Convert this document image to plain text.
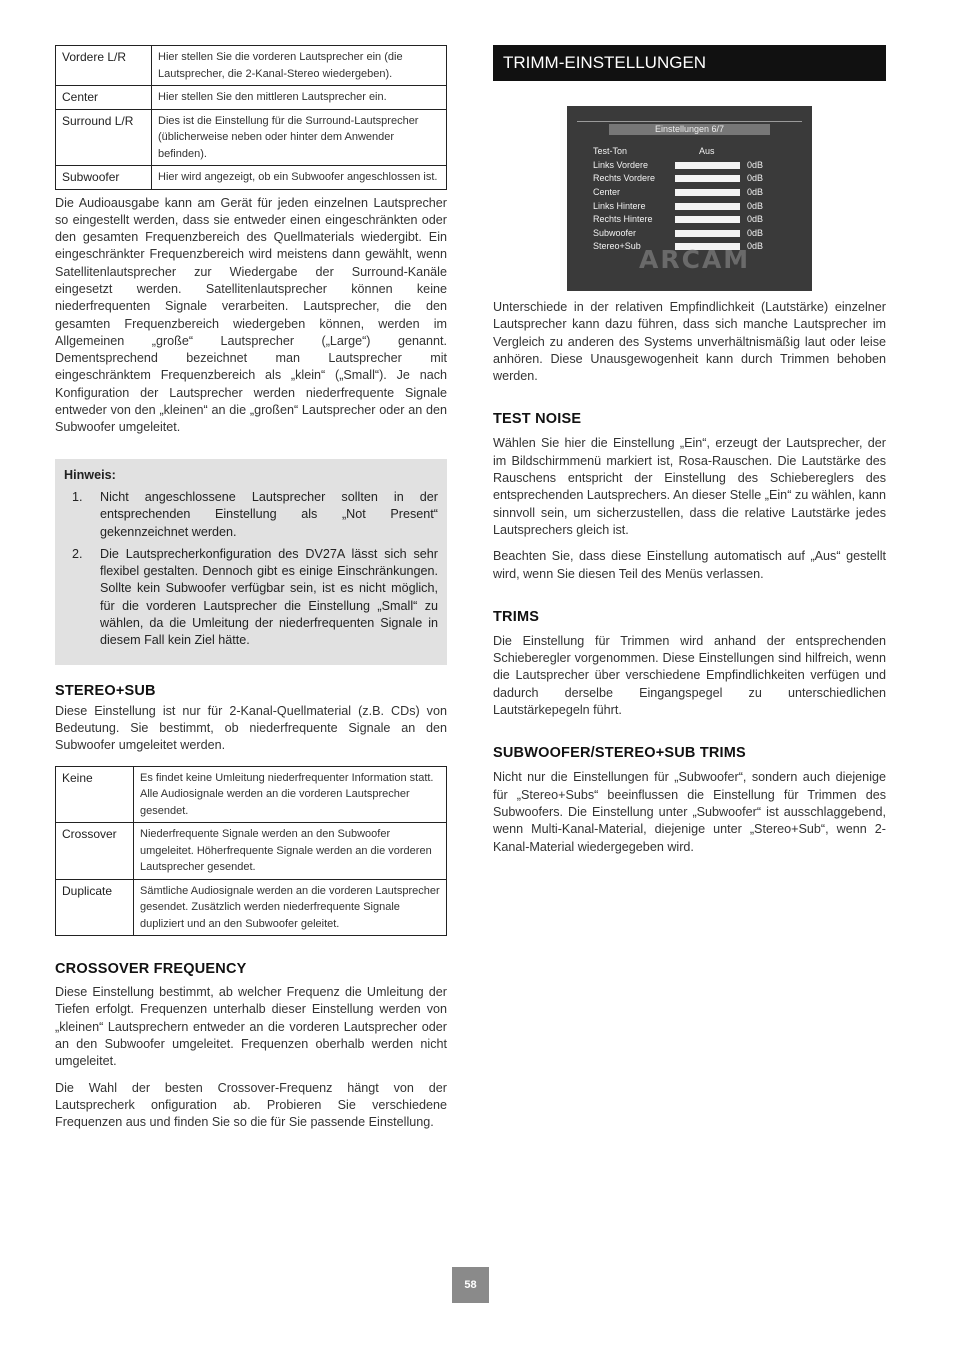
Vordere L/R	Hier stellen Sie die vorderen Lautsprecher ein (die Lautsprecher, die 2-Kanal-Stereo wiedergeben).
Center	Hier stellen Sie den mittleren Lautsprecher ein.
Surround L/R	Dies ist die Einstellung für die Surround-Lautsprecher (üblicherweise neben oder hinter dem Anwender befinden).
Subwoofer	Hier wird angezeigt, ob ein Subwoofer angeschlossen ist.

Die Audioausgabe kann am Gerät für jeden einzelnen Lautsprecher so eingestellt werden, dass sie entweder einen eingeschränkten oder den gesamten Frequenzbereich des Quellmaterials wiedergibt. Ein eingeschränkter Frequenzbereich wird meistens dann gewählt, wenn Satellitenlautsprecher zur Wiedergabe der Surround-Kanäle eingesetzt werden. Satellitenlautsprecher können keine niederfrequenten Signale verarbeiten. Lautsprecher, die den gesamten Frequenzbereich wiedergeben können, werden im Allgemeinen „große“ Lautsprecher („Large“) genannt. Dementsprechend bezeichnet man Lautsprecher mit eingeschränktem Frequenzbereich als „klein“ („Small“). Je nach Konfiguration der Lautsprecher werden niederfrequente Signale entweder von den „kleinen“ an die „großen“ Lautsprecher oder an den Subwoofer umgeleitet.

Hinweis:
1.	Nicht angeschlossene Lautsprecher sollten in der entsprechenden Einstellung als „Not Present“ gekennzeichnet werden.
2.	Die Lautsprecherkonfiguration des DV27A lässt sich sehr flexibel gestalten. Dennoch gibt es einige Einschränkungen. Sollte kein Subwoofer verfügbar sein, ist es nicht möglich, für die vorderen Lautsprecher die Einstellung „Small“ zu wählen, da die Umleitung der niederfrequenten Signale in diesem Fall kein Ziel hätte.
STEREO+SUB

Diese Einstellung ist nur für 2-Kanal-Quellmaterial (z.B. CDs) von Bedeutung. Sie bestimmt, ob niederfrequente Signale an den Subwoofer umgeleitet werden.

Keine	Es findet keine Umleitung niederfrequenter Information statt. Alle Audiosignale werden an die vorderen Lautsprecher gesendet.
Crossover	Niederfrequente Signale werden an den Subwoofer umgeleitet. Höherfrequente Signale werden an die vorderen Lautsprecher gesendet.
Duplicate	Sämtliche Audiosignale werden an die vorderen Lautsprecher gesendet. Zusätzlich werden niederfrequente Signale dupliziert und an den Subwoofer geleitet.
CROSSOVER FREQUENCY

Diese Einstellung bestimmt, ab welcher Frequenz die Umleitung der Tiefen erfolgt. Frequenzen unterhalb dieser Einstellung werden von „kleinen“ Lautsprechern entweder an die vorderen Lautsprecher oder an den Subwoofer umgeleitet. Frequenzen oberhalb werden nicht umgeleitet.

Die Wahl der besten Crossover-Frequenz hängt von der Lautsprecherk onfiguration ab. Probieren Sie verschiedene Frequenzen aus und finden Sie so die für Sie passende Einstellung.

TRIMM-EINSTELLUNGEN
Einstellungen 6/7
Test-Ton	Aus
Links Vordere	0dB
Rechts Vordere	0dB
Center	0dB
Links Hintere	0dB
Rechts Hintere	0dB
Subwoofer	0dB
Stereo+Sub	0dB
ARCAM

Unterschiede in der relativen Empfindlichkeit (Lautstärke) einzelner Lautsprecher kann dazu führen, dass sich manche Lautsprecher im Vergleich zu anderen des Systems unverhältnismäßig laut oder leise anhören. Diese Unausgewogenheit kann durch Trimmen behoben werden.

TEST NOISE

Wählen Sie hier die Einstellung „Ein“, erzeugt der Lautsprecher, der im Bildschirmmenü markiert ist, Rosa-Rauschen. Die Lautstärke des Rauschens entspricht der Einstellung des Schiebereglers des entsprechenden Lautsprechers. An dieser Stelle „Ein“ zu wählen, kann sinnvoll sein, um sicherzustellen, dass die relative Lautstärke jedes Lautsprechers gleich ist.

Beachten Sie, dass diese Einstellung automatisch auf „Aus“ gestellt wird, wenn Sie diesen Teil des Menüs verlassen.

TRIMS

Die Einstellung für Trimmen wird anhand der entsprechenden Schieberegler vorgenommen. Diese Einstellungen sind hilfreich, wenn die Lautsprecher über verschiedene Empfindlichkeiten verfügen und dadurch derselbe Eingangspegel zu unterschiedlichen Lautstärkepegeln führt.

SUBWOOFER/STEREO+SUB TRIMS

Nicht nur die Einstellungen für „Subwoofer“, sondern auch diejenige für „Stereo+Subs“ beeinflussen die Einstellung für Trimmen des Subwoofers. Die Einstellung unter „Subwoofer“ ist ausschlaggebend, wenn Multi-Kanal-Material, diejenige unter „Stereo+Sub“, wenn 2-Kanal-Material wiedergegeben wird.

58
